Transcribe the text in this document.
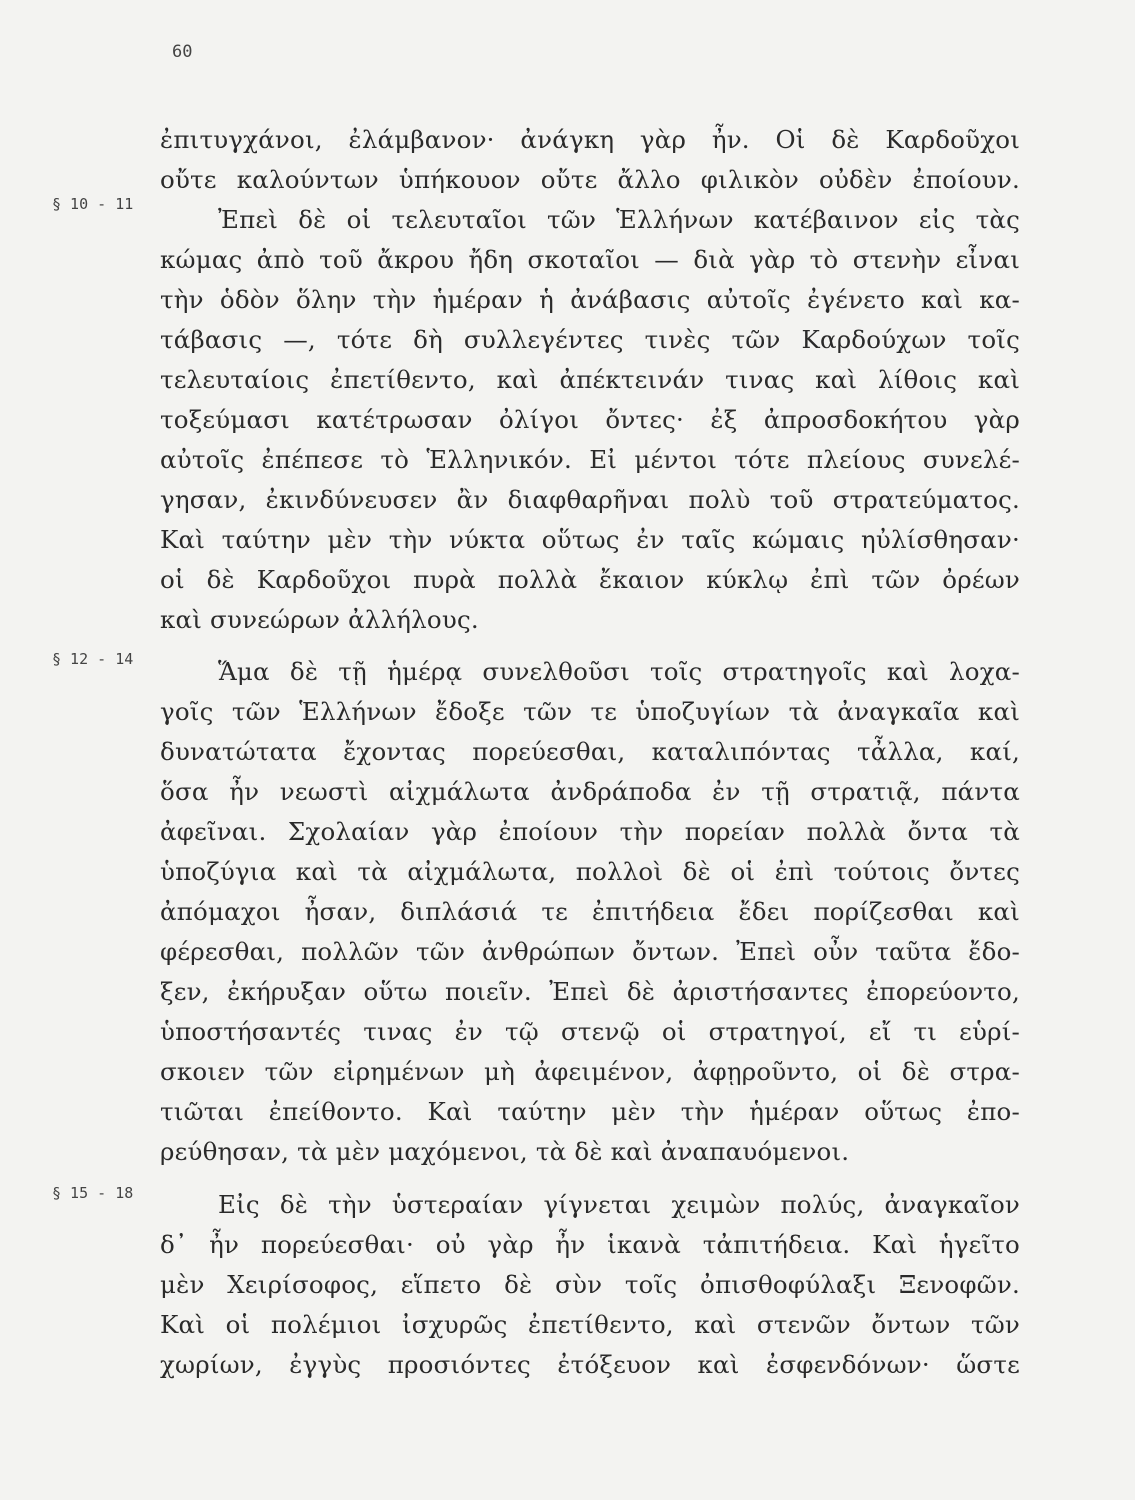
60
§ 10 - 11
§ 12 - 14
§ 15 - 18
ἐπιτυγχάνοι, ἐλάμβανον· ἀνάγκη γὰρ ἦν. Οἱ δὲ Καρδοῦχοι
οὔτε καλούντων ὑπήκουον οὔτε ἄλλο φιλικὸν οὐδὲν ἐποίουν.
Ἐπεὶ δὲ οἱ τελευταῖοι τῶν Ἑλλήνων κατέβαινον εἰς τὰς
κώμας ἀπὸ τοῦ ἄκρου ἤδη σκοταῖοι — διὰ γὰρ τὸ στενὴν εἶναι
τὴν ὁδὸν ὅλην τὴν ἡμέραν ἡ ἀνάβασις αὐτοῖς ἐγένετο καὶ κα-
τάβασις —, τότε δὴ συλλεγέντες τινὲς τῶν Καρδούχων τοῖς
τελευταίοις ἐπετίθεντο, καὶ ἀπέκτεινάν τινας καὶ λίθοις καὶ
τοξεύμασι κατέτρωσαν ὀλίγοι ὄντες· ἐξ ἀπροσδοκήτου γὰρ
αὐτοῖς ἐπέπεσε τὸ Ἑλληνικόν. Εἰ μέντοι τότε πλείους συνελέ-
γησαν, ἐκινδύνευσεν ἂν διαφθαρῆναι πολὺ τοῦ στρατεύματος.
Καὶ ταύτην μὲν τὴν νύκτα οὕτως ἐν ταῖς κώμαις ηὐλίσθησαν·
οἱ δὲ Καρδοῦχοι πυρὰ πολλὰ ἔκαιον κύκλῳ ἐπὶ τῶν ὀρέων
καὶ συνεώρων ἀλλήλους.
Ἅμα δὲ τῇ ἡμέρᾳ συνελθοῦσι τοῖς στρατηγοῖς καὶ λοχα-
γοῖς τῶν Ἑλλήνων ἔδοξε τῶν τε ὑποζυγίων τὰ ἀναγκαῖα καὶ
δυνατώτατα ἔχοντας πορεύεσθαι, καταλιπόντας τἆλλα, καί,
ὅσα ἦν νεωστὶ αἰχμάλωτα ἀνδράποδα ἐν τῇ στρατιᾷ, πάντα
ἀφεῖναι. Σχολαίαν γὰρ ἐποίουν τὴν πορείαν πολλὰ ὄντα τὰ
ὑποζύγια καὶ τὰ αἰχμάλωτα, πολλοὶ δὲ οἱ ἐπὶ τούτοις ὄντες
ἀπόμαχοι ἦσαν, διπλάσιά τε ἐπιτήδεια ἔδει πορίζεσθαι καὶ
φέρεσθαι, πολλῶν τῶν ἀνθρώπων ὄντων. Ἐπεὶ οὖν ταῦτα ἔδο-
ξεν, ἐκήρυξαν οὕτω ποιεῖν. Ἐπεὶ δὲ ἀριστήσαντες ἐπορεύοντο,
ὑποστήσαντές τινας ἐν τῷ στενῷ οἱ στρατηγοί, εἴ τι εὑρί-
σκοιεν τῶν εἰρημένων μὴ ἀφειμένον, ἀφῃροῦντο, οἱ δὲ στρα-
τιῶται ἐπείθοντο. Καὶ ταύτην μὲν τὴν ἡμέραν οὕτως ἐπο-
ρεύθησαν, τὰ μὲν μαχόμενοι, τὰ δὲ καὶ ἀναπαυόμενοι.
Εἰς δὲ τὴν ὑστεραίαν γίγνεται χειμὼν πολύς, ἀναγκαῖον
δ᾿ ἦν πορεύεσθαι· οὐ γὰρ ἦν ἱκανὰ τἀπιτήδεια. Καὶ ἡγεῖτο
μὲν Χειρίσοφος, εἵπετο δὲ σὺν τοῖς ὀπισθοφύλαξι Ξενοφῶν.
Καὶ οἱ πολέμιοι ἰσχυρῶς ἐπετίθεντο, καὶ στενῶν ὄντων τῶν
χωρίων, ἐγγὺς προσιόντες ἐτόξευον καὶ ἐσφενδόνων· ὥστε
